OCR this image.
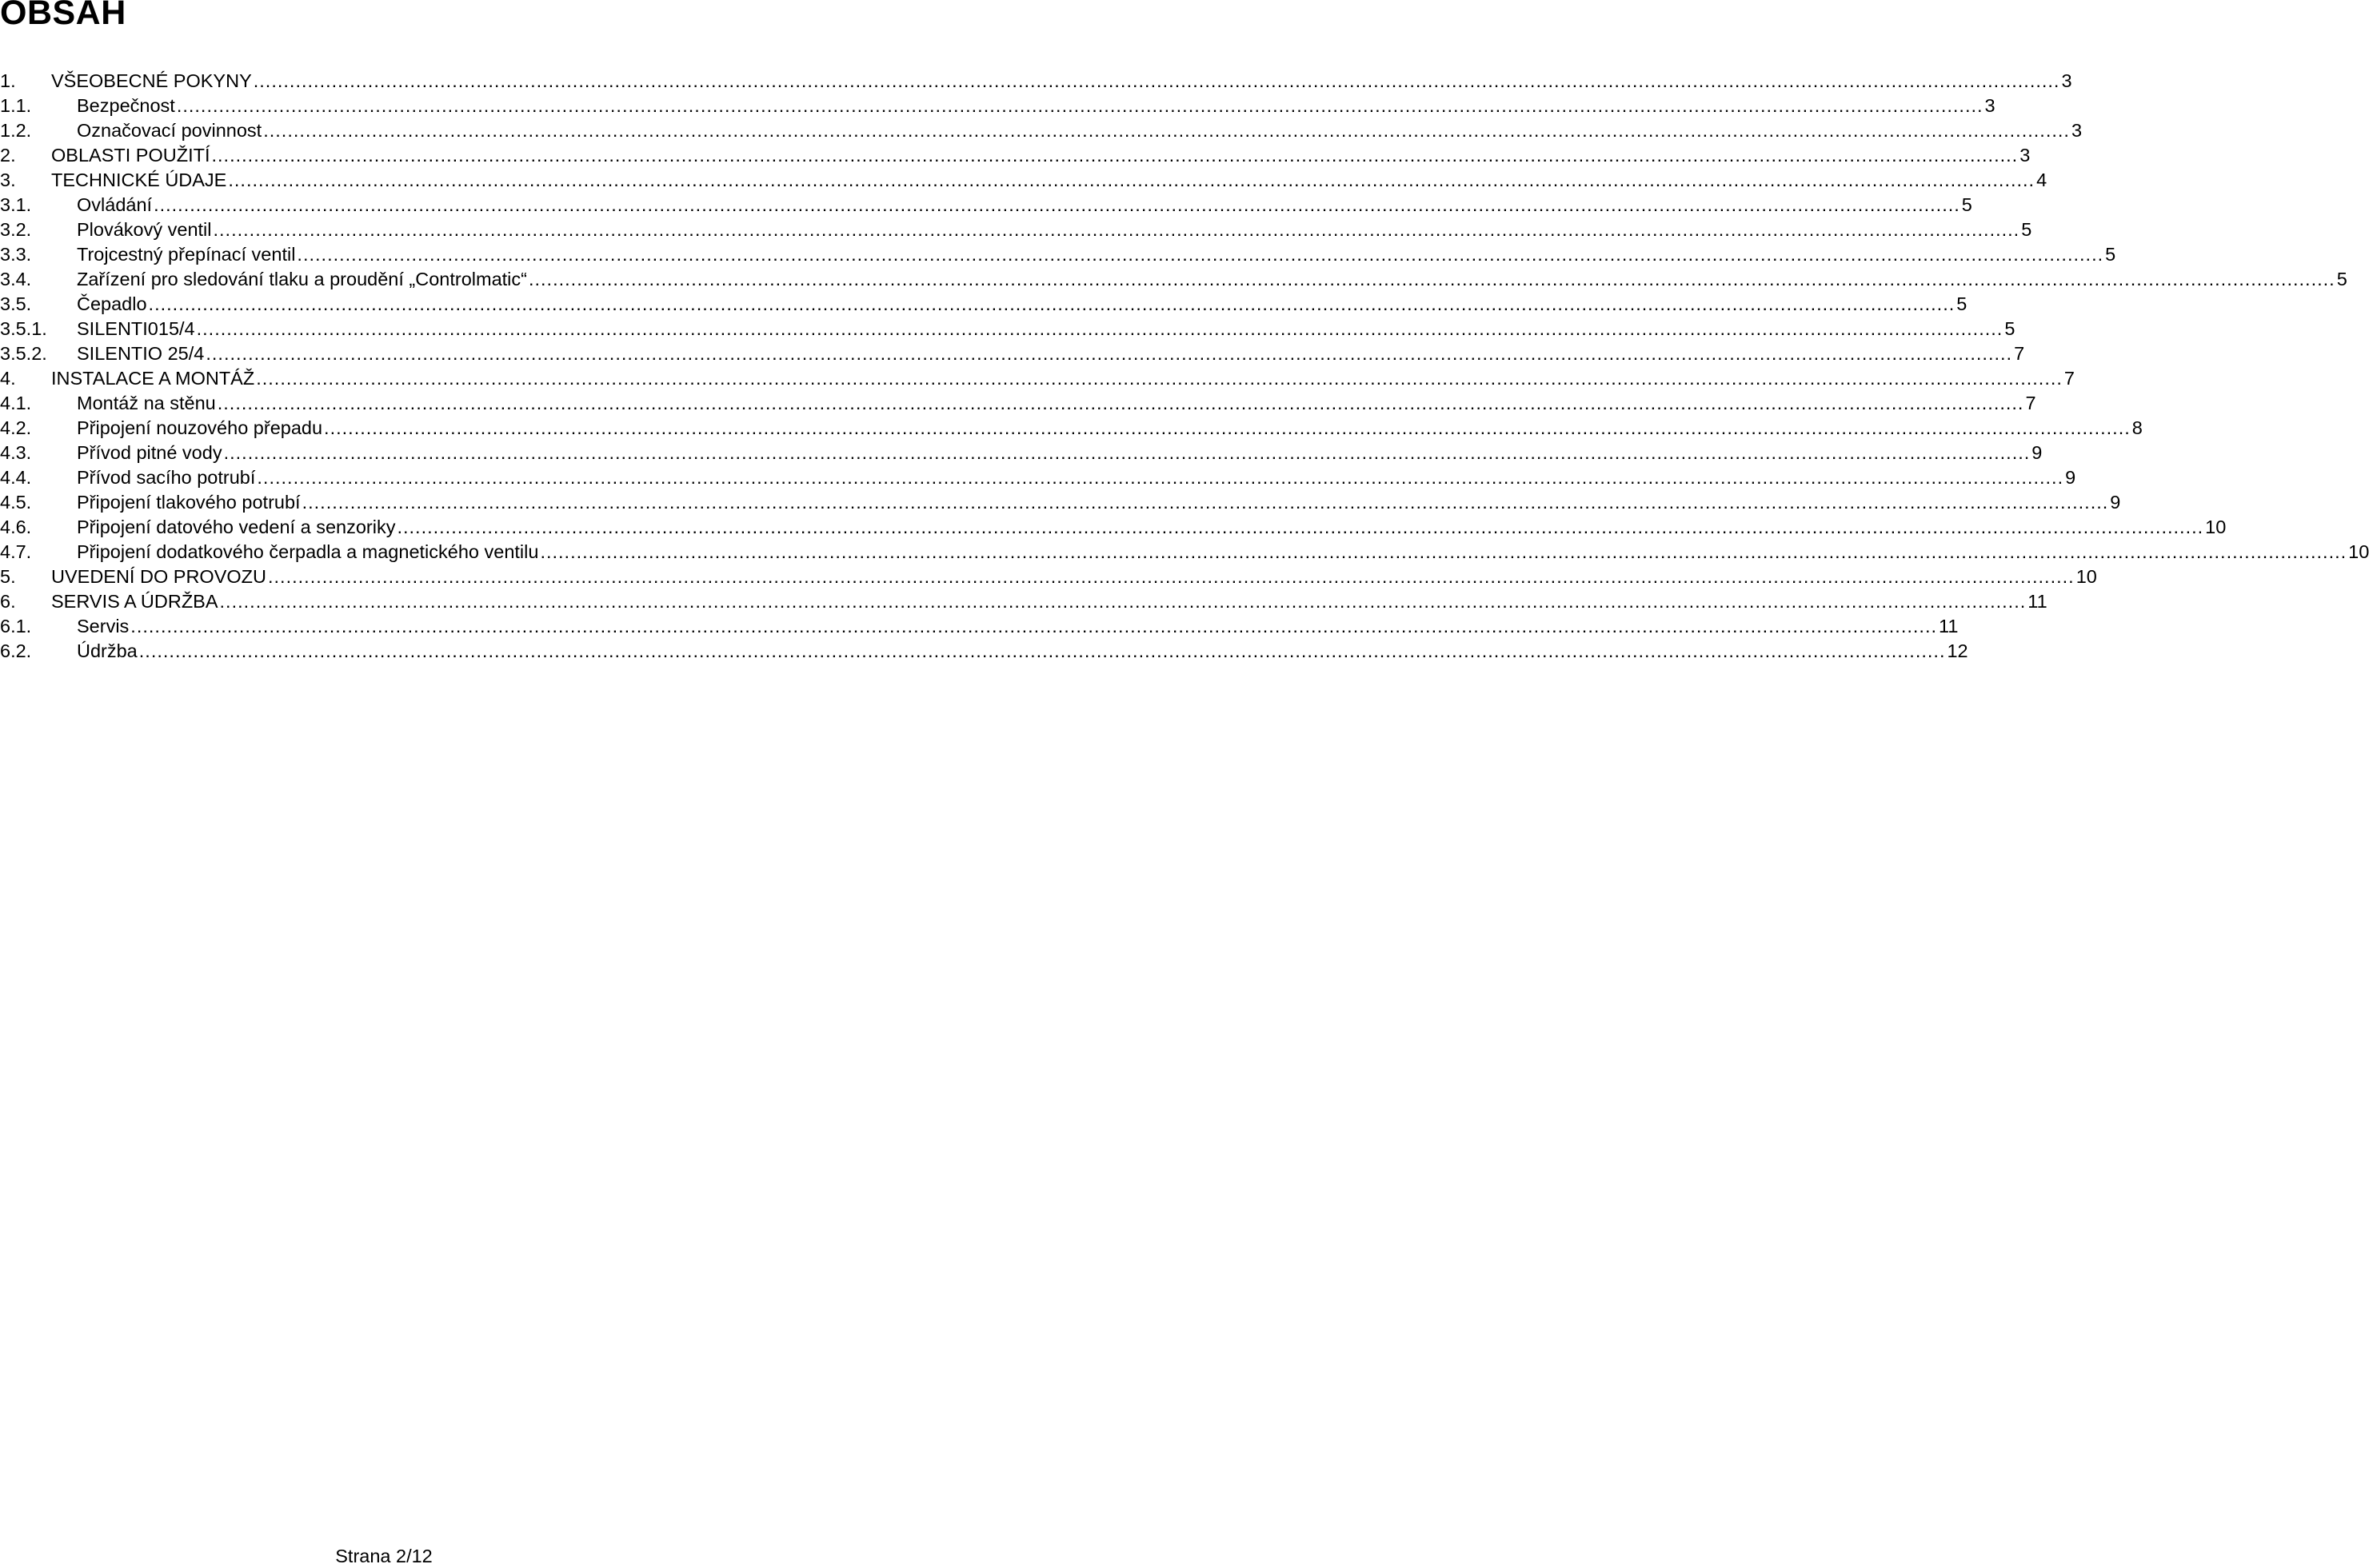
OBSAH
1. VŠEOBECNÉ POKYNY ............................................................................................................................................................................................................................................................................................................ 3
1.1. Bezpečnost ............................................................................................................................................................................................................................................................................................................ 3
1.2. Označovací povinnost ............................................................................................................................................................................................................................................................................................................ 3
2. OBLASTI POUŽITÍ ............................................................................................................................................................................................................................................................................................................ 3
3. TECHNICKÉ ÚDAJE ............................................................................................................................................................................................................................................................................................................ 4
3.1. Ovládání ............................................................................................................................................................................................................................................................................................................ 5
3.2. Plovákový ventil ............................................................................................................................................................................................................................................................................................................ 5
3.3. Trojcestný přepínací ventil ............................................................................................................................................................................................................................................................................................................ 5
3.4. Zařízení pro sledování tlaku a proudění „Controlmatic“ ............................................................................................................................................................................................................................................................................................................ 5
3.5. Čepadlo ............................................................................................................................................................................................................................................................................................................ 5
3.5.1. SILENTI015/4 ............................................................................................................................................................................................................................................................................................................ 5
3.5.2. SILENTIO 25/4 ............................................................................................................................................................................................................................................................................................................ 7
4. INSTALACE A MONTÁŽ ............................................................................................................................................................................................................................................................................................................ 7
4.1. Montáž na stěnu ............................................................................................................................................................................................................................................................................................................ 7
4.2. Připojení nouzového přepadu ............................................................................................................................................................................................................................................................................................................ 8
4.3. Přívod pitné vody ............................................................................................................................................................................................................................................................................................................ 9
4.4. Přívod sacího potrubí ............................................................................................................................................................................................................................................................................................................ 9
4.5. Připojení tlakového potrubí ............................................................................................................................................................................................................................................................................................................ 9
4.6. Připojení datového vedení a senzoriky ............................................................................................................................................................................................................................................................................................................ 10
4.7. Připojení dodatkového čerpadla a magnetického ventilu ............................................................................................................................................................................................................................................................................................................ 10
5. UVEDENÍ DO PROVOZU ............................................................................................................................................................................................................................................................................................................ 10
6. SERVIS A ÚDRŽBA ............................................................................................................................................................................................................................................................................................................ 11
6.1. Servis ............................................................................................................................................................................................................................................................................................................ 11
6.2. Údržba ............................................................................................................................................................................................................................................................................................................ 12
Strana 2/12
